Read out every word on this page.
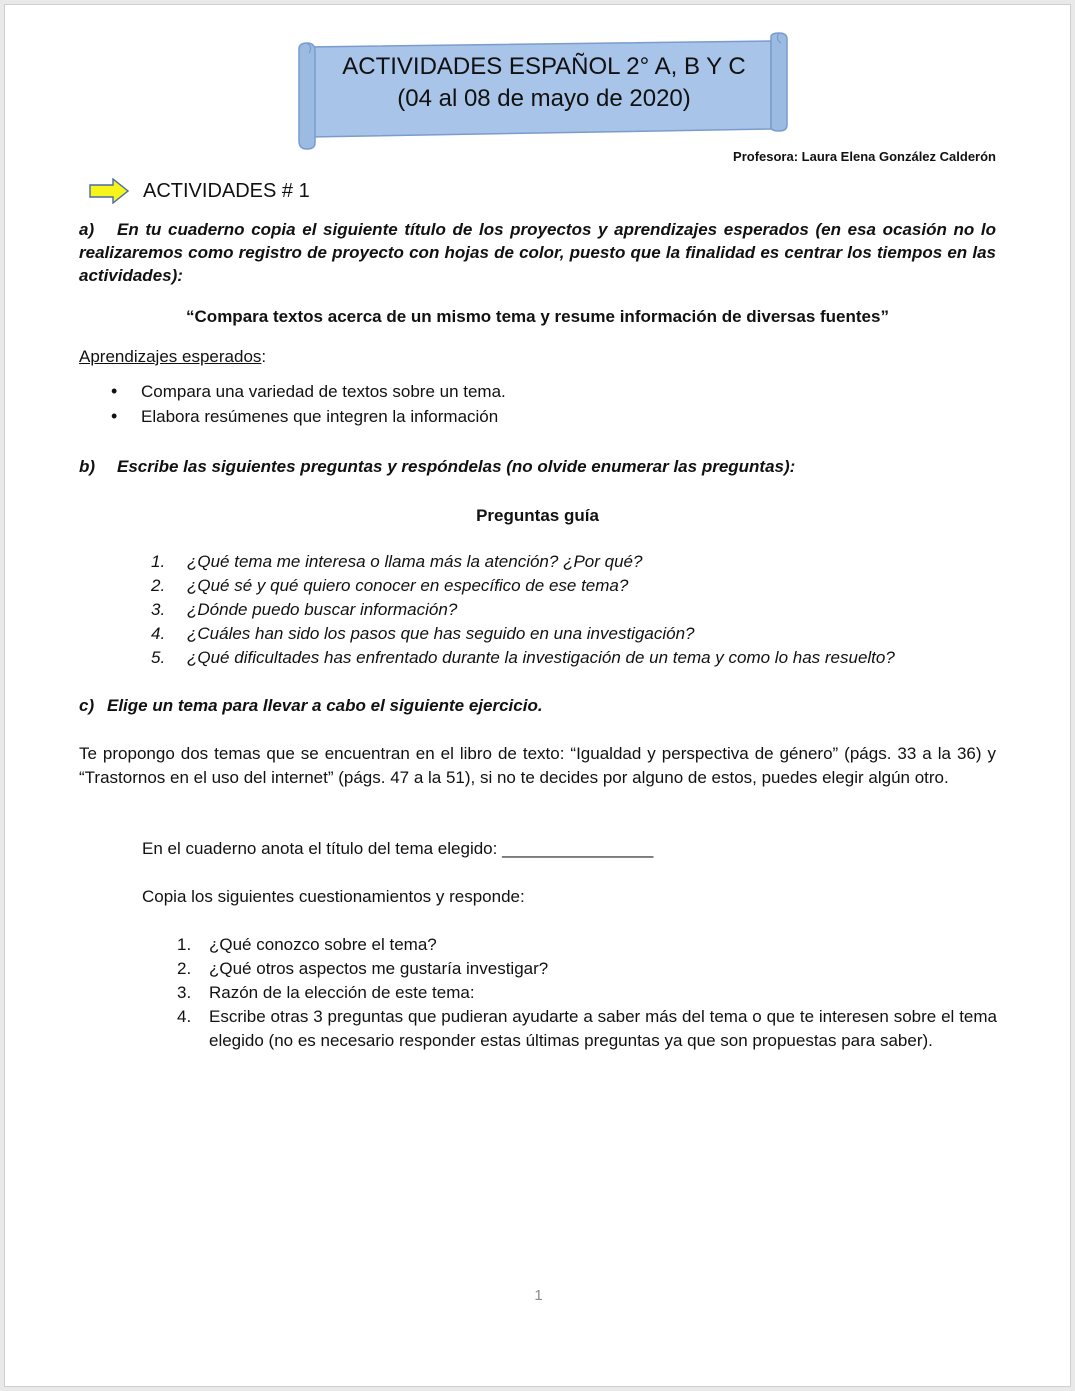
ACTIVIDADES ESPAÑOL 2° A, B Y C
(04 al 08 de mayo de 2020)
Profesora: Laura Elena González Calderón
ACTIVIDADES # 1
a) En tu cuaderno copia el siguiente título de los proyectos y aprendizajes esperados (en esa ocasión no lo realizaremos como registro de proyecto con hojas de color, puesto que la finalidad es centrar los tiempos en las actividades):
“Compara textos acerca de un mismo tema y resume información de diversas fuentes”
Aprendizajes esperados:
• Compara una variedad de textos sobre un tema.
• Elabora resúmenes que integren la información
b) Escribe las siguientes preguntas y respóndelas (no olvide enumerar las preguntas):
Preguntas guía
1. ¿Qué tema me interesa o llama más la atención? ¿Por qué?
2. ¿Qué sé y qué quiero conocer en específico de ese tema?
3. ¿Dónde puedo buscar información?
4. ¿Cuáles han sido los pasos que has seguido en una investigación?
5. ¿Qué dificultades has enfrentado durante la investigación de un tema y como lo has resuelto?
c) Elige un tema para llevar a cabo el siguiente ejercicio.
Te propongo dos temas que se encuentran en el libro de texto: “Igualdad y perspectiva de género” (págs. 33 a la 36) y “Trastornos en el uso del internet” (págs. 47 a la 51), si no te decides por alguno de estos, puedes elegir algún otro.
En el cuaderno anota el título del tema elegido: ________________
Copia los siguientes cuestionamientos y responde:
1. ¿Qué conozco sobre el tema?
2. ¿Qué otros aspectos me gustaría investigar?
3. Razón de la elección de este tema:
4. Escribe otras 3 preguntas que pudieran ayudarte a saber más del tema o que te interesen sobre el tema elegido (no es necesario responder estas últimas preguntas ya que son propuestas para saber).
1
